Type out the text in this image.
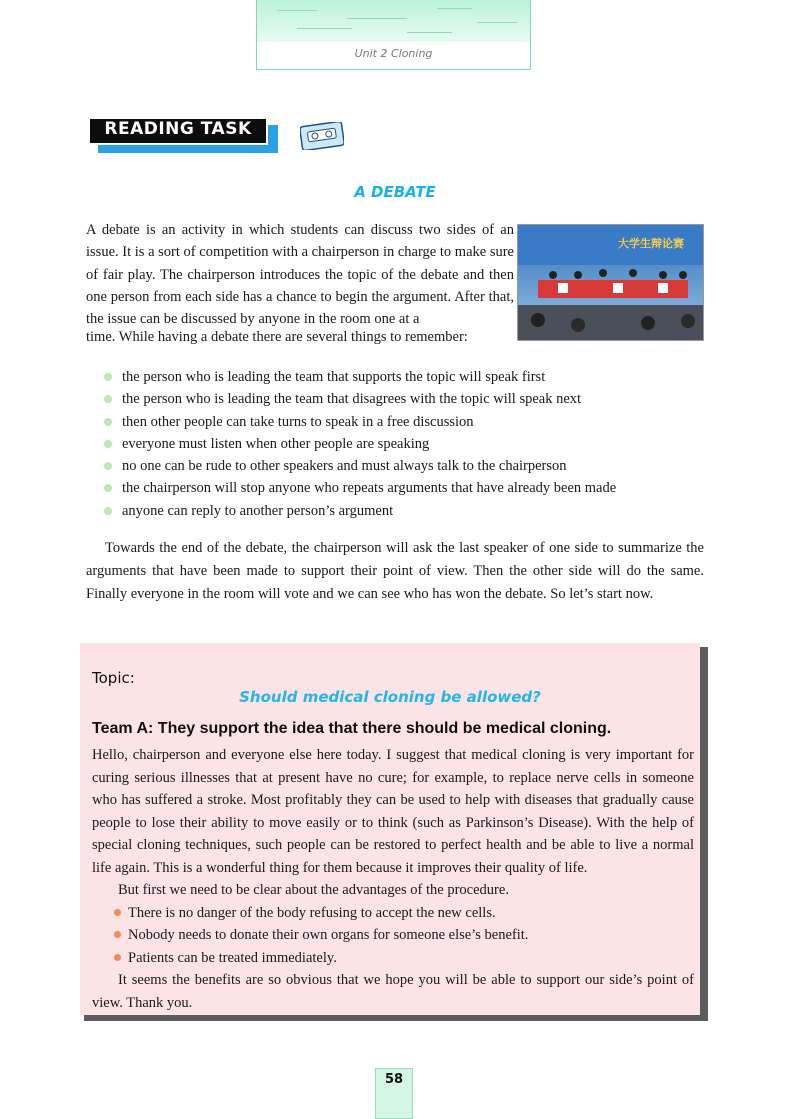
Unit 2 Cloning
READING TASK
A DEBATE
A debate is an activity in which students can discuss two sides of an issue. It is a sort of competition with a chairperson in charge to make sure of fair play. The chairperson introduces the topic of the debate and then one person from each side has a chance to begin the argument. After that, the issue can be discussed by anyone in the room one at a
time. While having a debate there are several things to remember:
大学生辩论赛
the person who is leading the team that supports the topic will speak first
the person who is leading the team that disagrees with the topic will speak next
then other people can take turns to speak in a free discussion
everyone must listen when other people are speaking
no one can be rude to other speakers and must always talk to the chairperson
the chairperson will stop anyone who repeats arguments that have already been made
anyone can reply to another person’s argument
Towards the end of the debate, the chairperson will ask the last speaker of one side to summarize the arguments that have been made to support their point of view. Then the other side will do the same. Finally everyone in the room will vote and we can see who has won the debate. So let’s start now.
Topic:
Should medical cloning be allowed?
Team A: They support the idea that there should be medical cloning.

Hello, chairperson and everyone else here today. I suggest that medical cloning is very important for curing serious illnesses that at present have no cure; for example, to replace nerve cells in someone who has suffered a stroke. Most profitably they can be used to help with diseases that gradually cause people to lose their ability to move easily or to think (such as Parkinson’s Disease). With the help of special cloning techniques, such people can be restored to perfect health and be able to live a normal life again. This is a wonderful thing for them because it improves their quality of life.

But first we need to be clear about the advantages of the procedure.

There is no danger of the body refusing to accept the new cells.
Nobody needs to donate their own organs for someone else’s benefit.
Patients can be treated immediately.

It seems the benefits are so obvious that we hope you will be able to support our side’s point of view. Thank you.

58
